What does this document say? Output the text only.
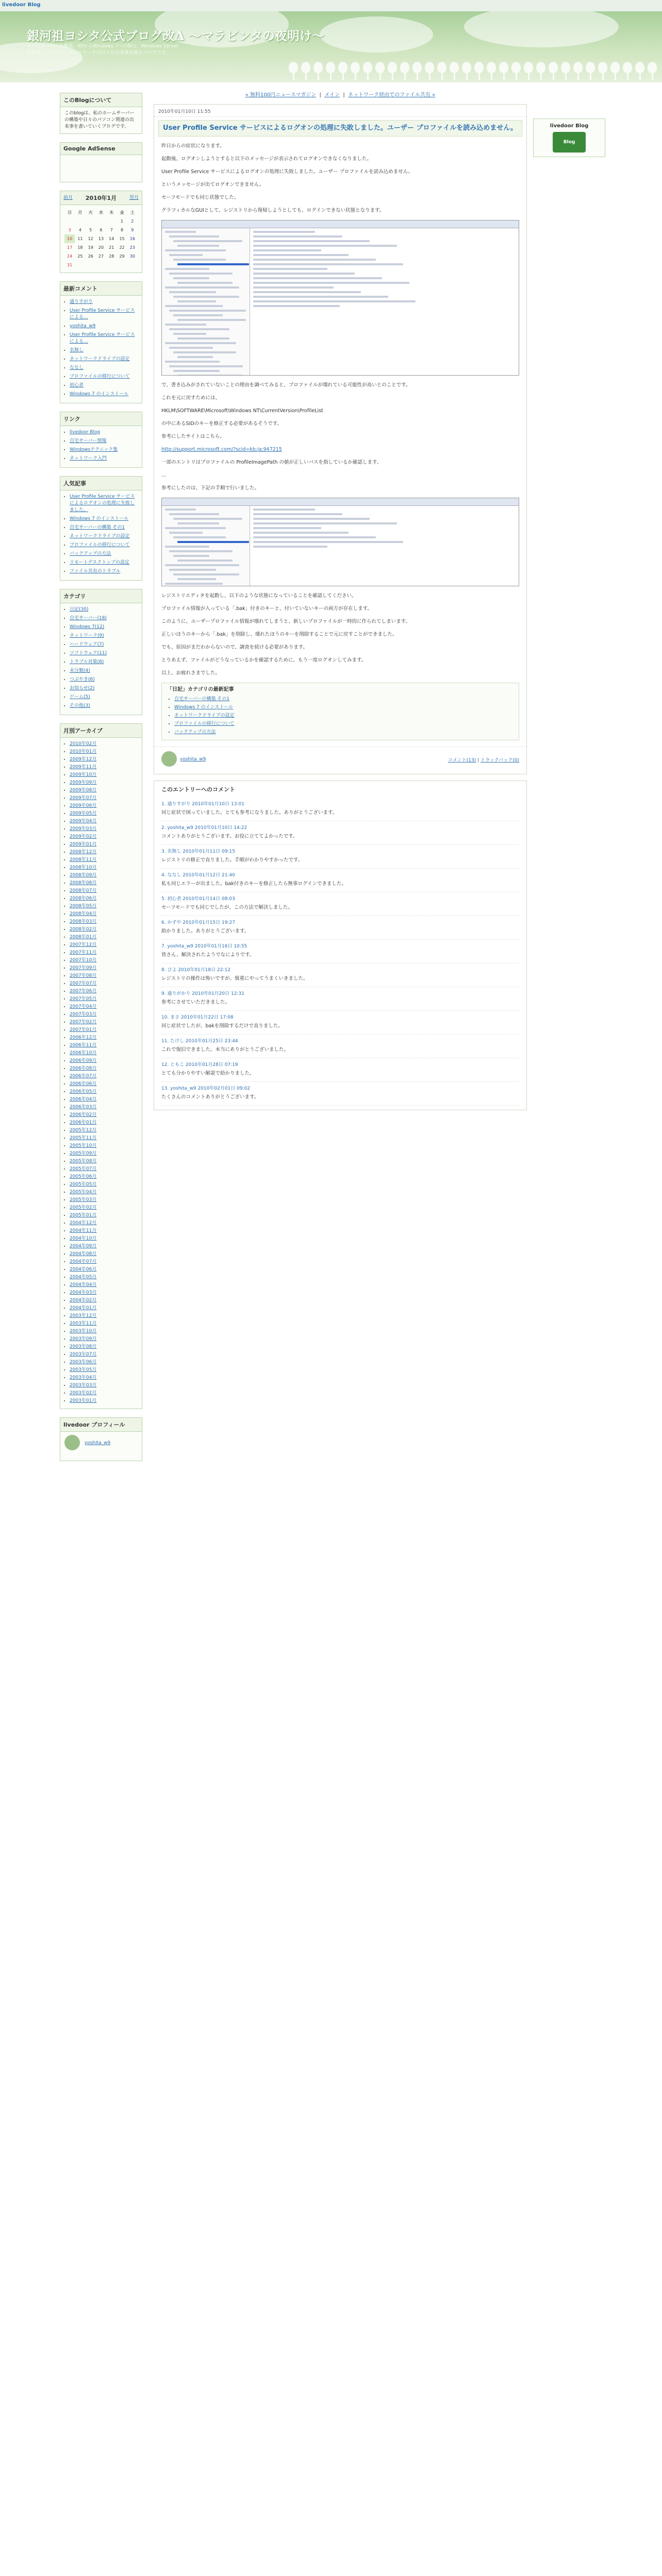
livedoor Blog
銀河祖ヨシタ公式ブログ改Δ 〜マラビンタの夜明け〜
ホームサーバーの構築、XPからWindows 7への移行、Windows Serverの管理、パソコンとネットワークの日々の出来事を綴るブログです。
このBlogについて
このblogは、私のホームサーバーの構築や日々のパソコン関連の出来事を書いていくブログです。
Google AdSense
前月 2010年1月	翌月
日	月	火	水	木	金	土
					1	2
3	4	5	6	7	8	9
10	11	12	13	14	15	16
17	18	19	20	21	22	23
24	25	26	27	28	29	30
31						
最新コメント
• 通りすがり
• User Profile Service サービスによる…
• yoshita_w9
• User Profile Service サービスによる…
• 名無し
• ネットワークドライブの設定
• ななし
• プロファイルの移行について
• 初心者
• Windows 7 のインストール
リンク
• livedoor Blog
• 自宅サーバー情報
• Windowsテクニック集
• ネットワーク入門
人気記事
• User Profile Service サービスによるログオンの処理に失敗しました。
• Windows 7 のインストール
• 自宅サーバーの構築 その1
• ネットワークドライブの設定
• プロファイルの移行について
• バックアップの方法
• リモートデスクトップの設定
• ファイル共有のトラブル
カテゴリ
• 日記(30)
• 自宅サーバー(18)
• Windows 7(12)
• ネットワーク(9)
• ハードウェア(7)
• ソフトウェア(11)
• トラブル対策(8)
• 未分類(4)
• つぶやき(6)
• お知らせ(2)
• ゲーム(5)
• その他(3)
月別アーカイブ
• 2010年02月
• 2010年01月
• 2009年12月
• 2009年11月
• 2009年10月
• 2009年09月
• 2009年08月
• 2009年07月
• 2009年06月
• 2009年05月
• 2009年04月
• 2009年03月
• 2009年02月
• 2009年01月
• 2008年12月
• 2008年11月
• 2008年10月
• 2008年09月
• 2008年08月
• 2008年07月
• 2008年06月
• 2008年05月
• 2008年04月
• 2008年03月
• 2008年02月
• 2008年01月
• 2007年12月
• 2007年11月
• 2007年10月
• 2007年09月
• 2007年08月
• 2007年07月
• 2007年06月
• 2007年05月
• 2007年04月
• 2007年03月
• 2007年02月
• 2007年01月
• 2006年12月
• 2006年11月
• 2006年10月
• 2006年09月
• 2006年08月
• 2006年07月
• 2006年06月
• 2006年05月
• 2006年04月
• 2006年03月
• 2006年02月
• 2006年01月
• 2005年12月
• 2005年11月
• 2005年10月
• 2005年09月
• 2005年08月
• 2005年07月
• 2005年06月
• 2005年05月
• 2005年04月
• 2005年03月
• 2005年02月
• 2005年01月
• 2004年12月
• 2004年11月
• 2004年10月
• 2004年09月
• 2004年08月
• 2004年07月
• 2004年06月
• 2004年05月
• 2004年04月
• 2004年03月
• 2004年02月
• 2004年01月
• 2003年12月
• 2003年11月
• 2003年10月
• 2003年09月
• 2003年08月
• 2003年07月
• 2003年06月
• 2003年05月
• 2003年04月
• 2003年03月
• 2003年02月
• 2003年01月
livedoor プロフィール
yoshita_w9
« 無料100円ニュースマガジン  |  メイン  |  ネットワーク経由でのファイル共有 »
2010年01月10日 11:55
User Profile Service サービスによるログオンの処理に失敗しました。ユーザー プロファイルを読み込めません。

昨日からの症状になります。

起動後、ログオンしようとすると以下のメッセージが表示されてログオンできなくなりました。

User Profile Service サービスによるログオンの処理に失敗しました。ユーザー プロファイルを読み込めません。

というメッセージが出てログオンできません。

セーフモードでも同じ状態でした。

グラフィカルなGUIとして、レジストリから復帰しようとしても、ログインできない状態となります。

で、書き込みがされていないことの理由を調べてみると、プロファイルが壊れている可能性が高いとのことです。

これを元に戻すためには、

HKLM\SOFTWARE\Microsoft\Windows NT\CurrentVersion\ProfileList

の中にあるSIDのキーを修正する必要があるそうです。

参考にしたサイトはこちら。

http://support.microsoft.com/?scid=kb;ja;947215

一部のエントリはプロファイルの ProfileImagePath の値が正しいパスを指しているか確認します。

…

参考にしたのは、下記の手順で行いました。

レジストリエディタを起動し、以下のような状態になっていることを確認してください。

プロファイル情報が入っている「.bak」付きのキーと、付いていないキーの両方が存在します。

このように、ユーザープロファイル情報が壊れてしまうと、新しいプロファイルが一時的に作られてしまいます。

正しいほうのキーから「.bak」を削除し、壊れたほうのキーを削除することで元に戻すことができました。

でも、原因がまだわからないので、調査を続ける必要があります。

とりあえず、ファイルがどうなっているかを確認するために、もう一度ログオンしてみます。

以上、お疲れさまでした。

「日記」カテゴリの最新記事
• 自宅サーバーの構築 その1
• Windows 7 のインストール
• ネットワークドライブの設定
• プロファイルの移行について
• バックアップの方法
yoshita_w9	コメント(13) | トラックバック(0)
このエントリーへのコメント
1. 通りすがり 2010年01月10日 13:01
同じ症状で困っていました。とても参考になりました。ありがとうございます。
2. yoshita_w9 2010年01月10日 14:22
コメントありがとうございます。お役に立ててよかったです。
3. 名無し 2010年01月11日 09:15
レジストリの修正で直りました。手順がわかりやすかったです。
4. ななし 2010年01月12日 21:40
私も同じエラーが出ました。bak付きのキーを修正したら無事ログインできました。
5. 初心者 2010年01月14日 08:03
セーフモードでも同じでしたが、この方法で解決しました。
6. かずや 2010年01月15日 19:27
助かりました。ありがとうございます。
7. yoshita_w9 2010年01月16日 10:55
皆さん、解決されたようでなによりです。
8. ぴよ 2010年01月18日 22:12
レジストリの操作は怖いですが、慎重にやってうまくいきました。
9. 通りがかり 2010年01月20日 12:31
参考にさせていただきました。
10. まさ 2010年01月22日 17:08
同じ症状でしたが、bakを削除するだけで直りました。
11. たけし 2010年01月25日 23:44
これで復旧できました。本当にありがとうございました。
12. ともこ 2010年01月28日 07:19
とても分かりやすい解説で助かりました。
13. yoshita_w9 2010年02月01日 09:02
たくさんのコメントありがとうございます。
livedoor Blog
Blog
